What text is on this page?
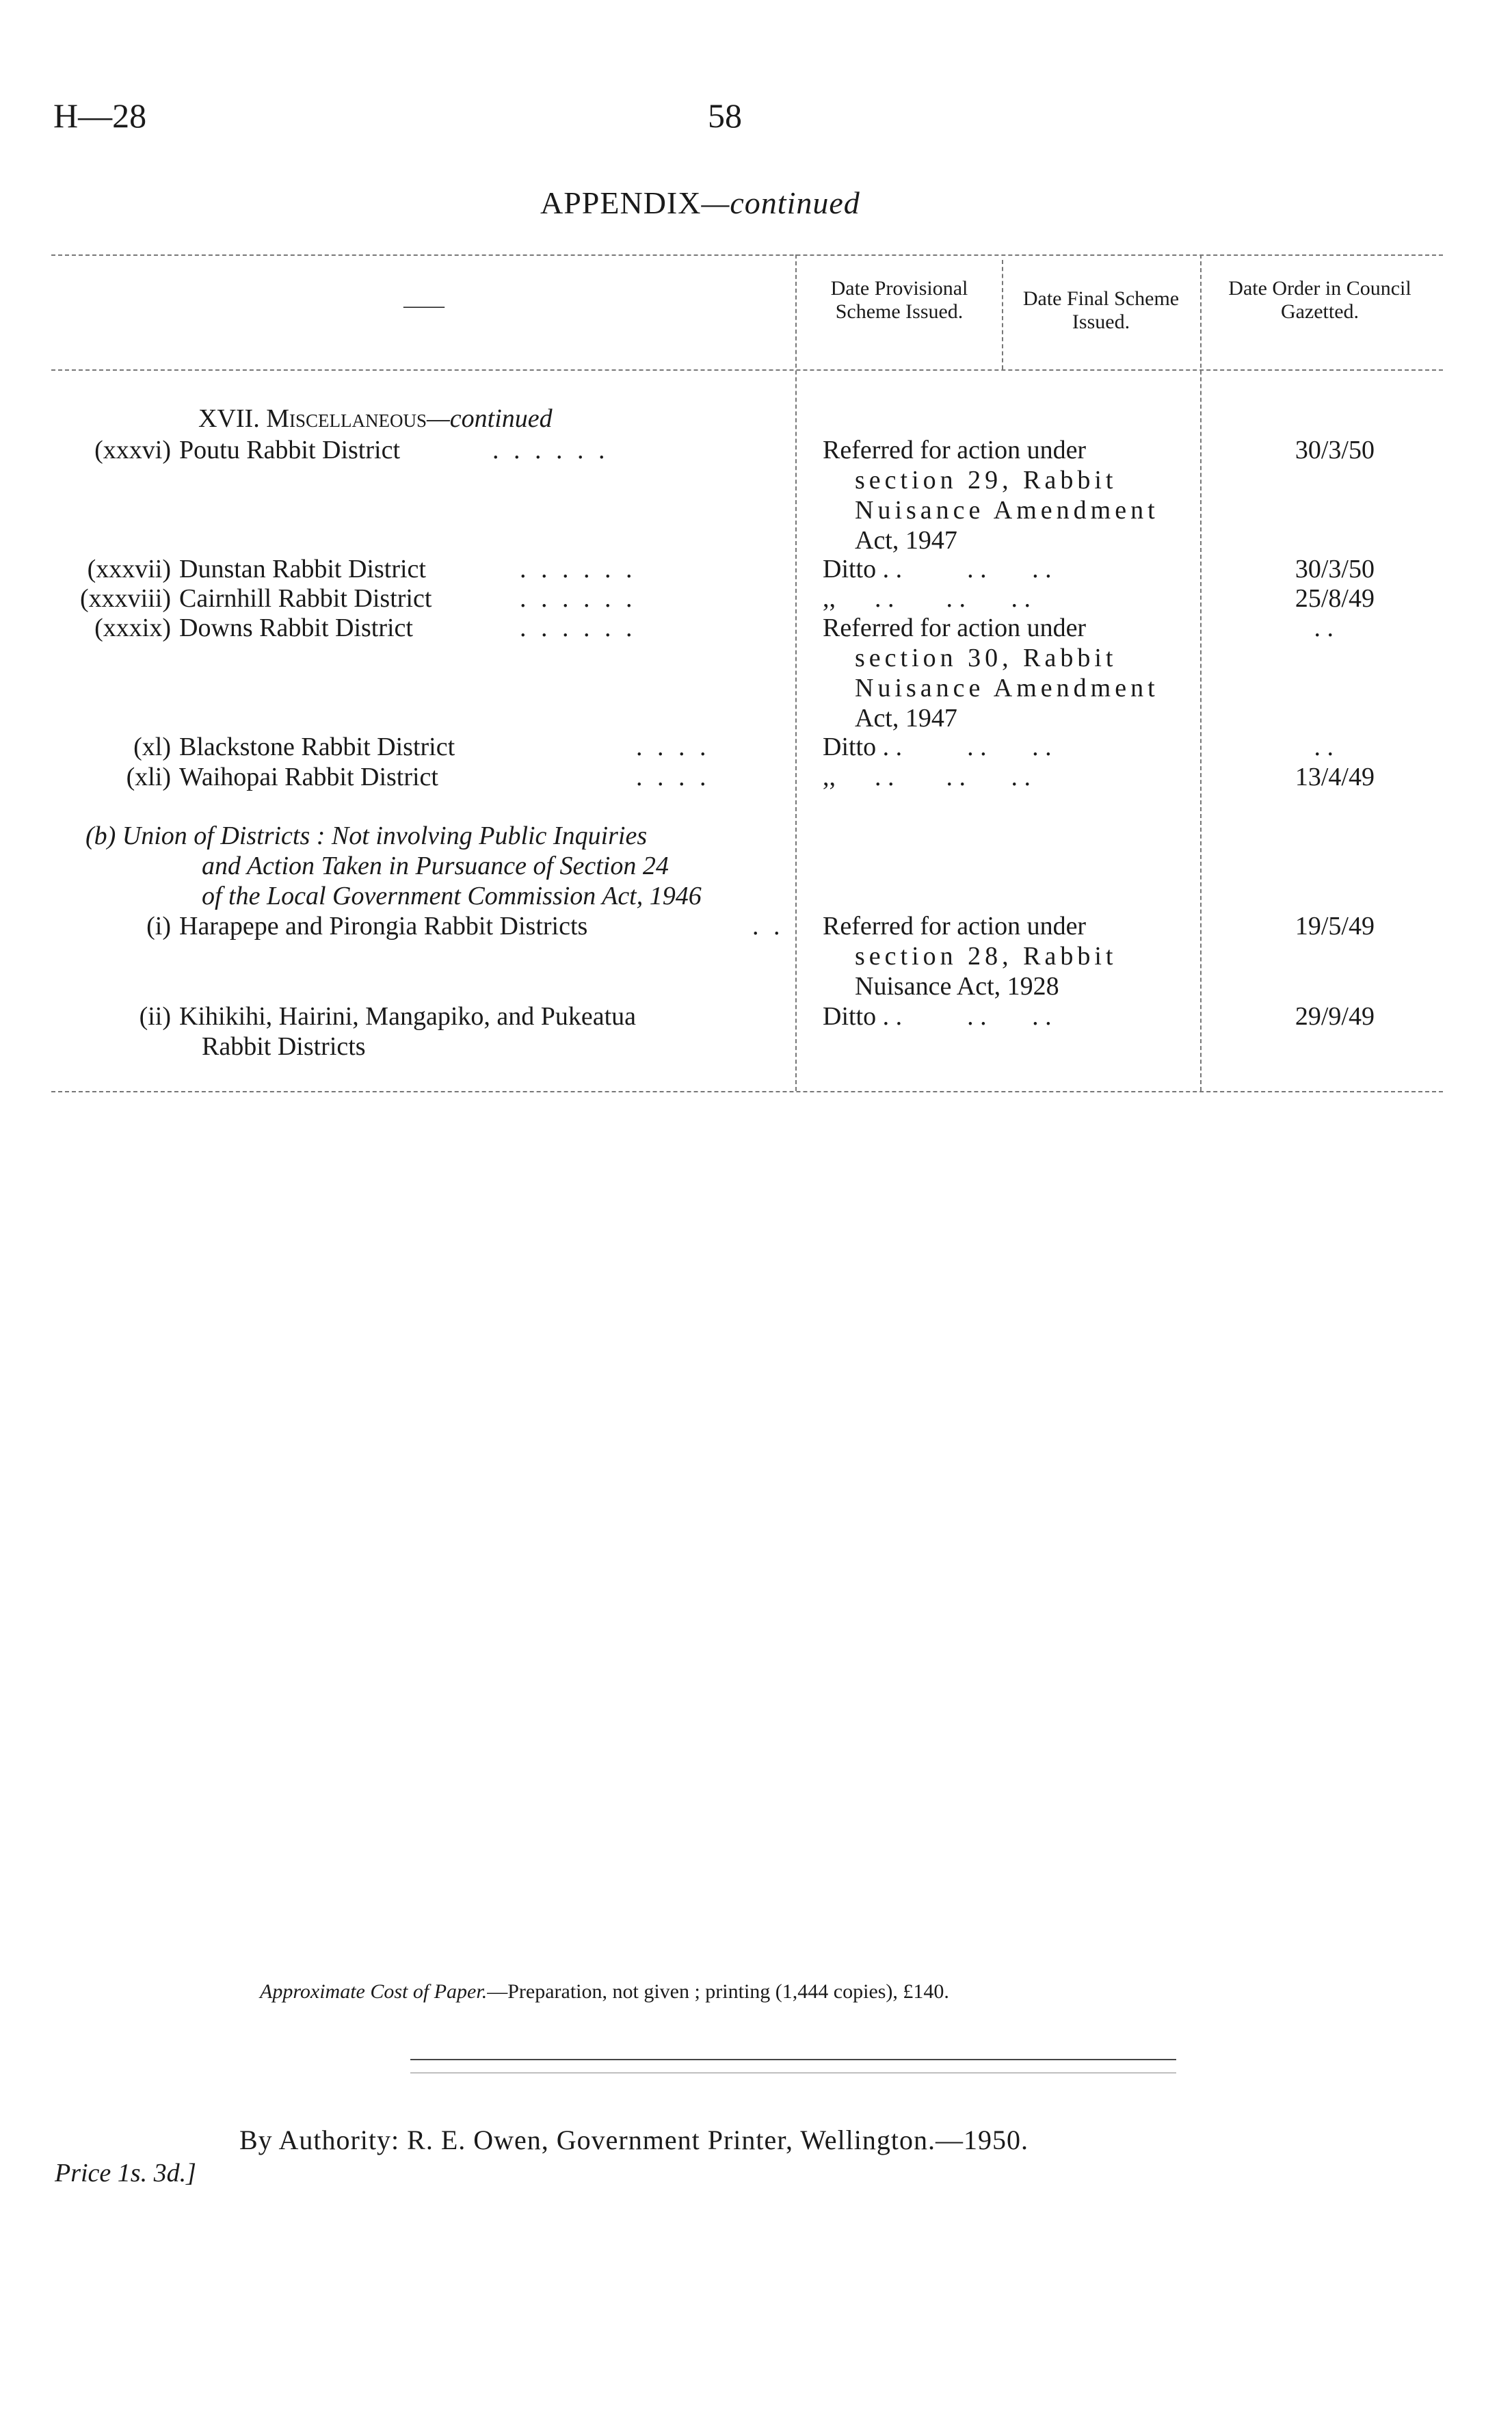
H—28	58
APPENDIX—continued
——
Date Provisional Scheme Issued.
Date Final Scheme Issued.
Date Order in Council Gazetted.
XVII. Miscellaneous—continued
(xxxvi) Poutu Rabbit District	. . . . . .	Referred for action under
section 29, Rabbit
Nuisance Amendment
Act, 1947
30/3/50
(xxxvii) Dunstan Rabbit District	. . . . . .	Ditto . .          . .       . .	30/3/50
(xxxviii) Cairnhill Rabbit District	. . . . . .	,,      . .        . .       . .	25/8/49
(xxxix) Downs Rabbit District	. . . . . .	Referred for action under
section 30, Rabbit
Nuisance Amendment
Act, 1947
. .
(xl) Blackstone Rabbit District	. . . .	Ditto . .          . .       . .	. .
(xli) Waihopai Rabbit District	. . . .	,,      . .        . .       . .	13/4/49
(b) Union of Districts : Not involving Public Inquiries
and Action Taken in Pursuance of Section 24
of the Local Government Commission Act, 1946
(i) Harapepe and Pirongia Rabbit Districts	. . Referred for action under
section 28, Rabbit
Nuisance Act, 1928
19/5/49
(ii) Kihikihi, Hairini, Mangapiko, and Pukeatua
Rabbit Districts
Ditto . .          . .       . .	29/9/49
Approximate Cost of Paper.—Preparation, not given ; printing (1,444 copies), £140.
By Authority: R. E. Owen, Government Printer, Wellington.—1950.
Price 1s. 3d.]
